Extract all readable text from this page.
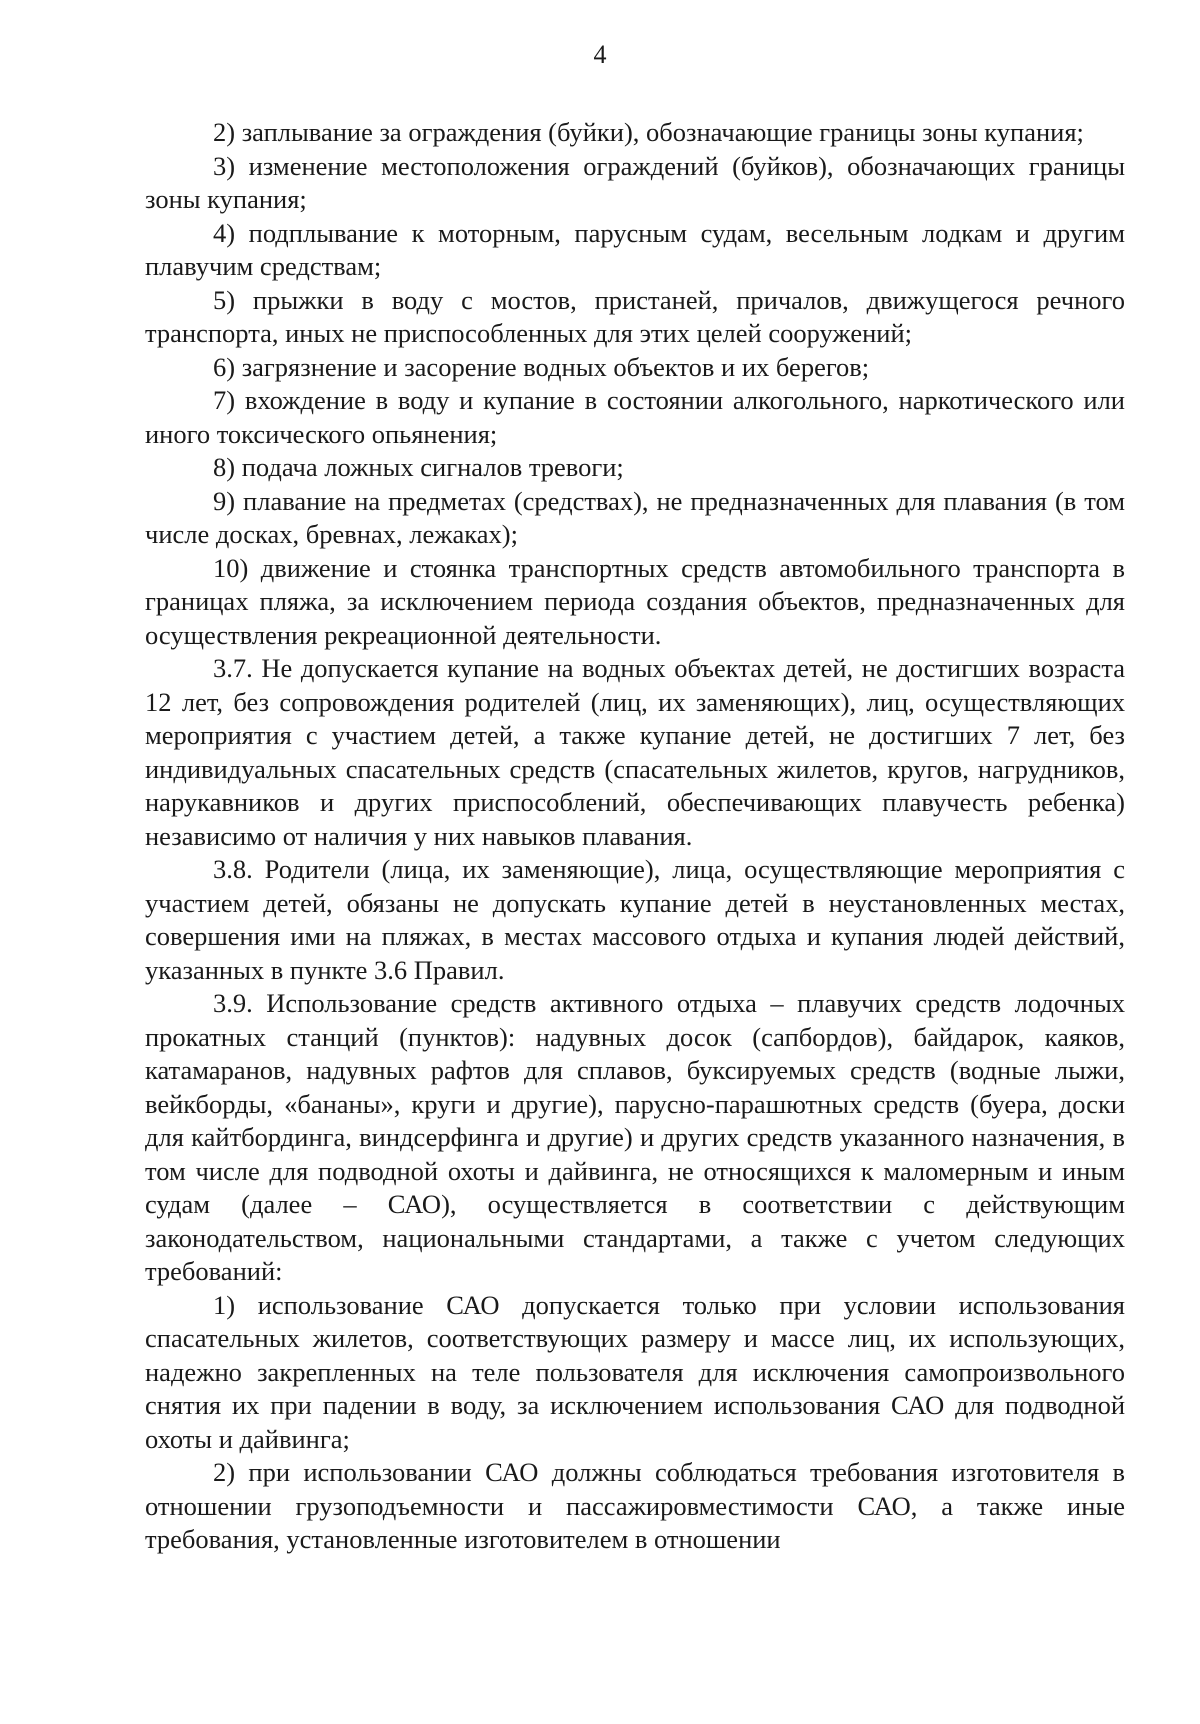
4

2) заплывание за ограждения (буйки), обозначающие границы зоны купания;

3) изменение местоположения ограждений (буйков), обозначающих границы зоны купания;

4) подплывание к моторным, парусным судам, весельным лодкам и другим плавучим средствам;

5) прыжки в воду с мостов, пристаней, причалов, движущегося речного транспорта, иных не приспособленных для этих целей сооружений;

6) загрязнение и засорение водных объектов и их берегов;

7) вхождение в воду и купание в состоянии алкогольного, наркотического или иного токсического опьянения;

8) подача ложных сигналов тревоги;

9) плавание на предметах (средствах), не предназначенных для плавания (в том числе досках, бревнах, лежаках);

10) движение и стоянка транспортных средств автомобильного транспорта в границах пляжа, за исключением периода создания объектов, предназначенных для осуществления рекреационной деятельности.

3.7. Не допускается купание на водных объектах детей, не достигших возраста 12 лет, без сопровождения родителей (лиц, их заменяющих), лиц, осуществляющих мероприятия с участием детей, а также купание детей, не достигших 7 лет, без индивидуальных спасательных средств (спасательных жилетов, кругов, нагрудников, нарукавников и других приспособлений, обеспечивающих плавучесть ребенка) независимо от наличия у них навыков плавания.

3.8. Родители (лица, их заменяющие), лица, осуществляющие мероприятия с участием детей, обязаны не допускать купание детей в неустановленных местах, совершения ими на пляжах, в местах массового отдыха и купания людей действий, указанных в пункте 3.6 Правил.

3.9. Использование средств активного отдыха – плавучих средств лодочных прокатных станций (пунктов): надувных досок (сапбордов), байдарок, каяков, катамаранов, надувных рафтов для сплавов, буксируемых средств (водные лыжи, вейкборды, «бананы», круги и другие), парусно-парашютных средств (буера, доски для кайтбординга, виндсерфинга и другие) и других средств указанного назначения, в том числе для подводной охоты и дайвинга, не относящихся к маломерным и иным судам (далее – САО), осуществляется в соответствии с действующим законодательством, национальными стандартами, а также с учетом следующих требований:

1) использование САО допускается только при условии использования спасательных жилетов, соответствующих размеру и массе лиц, их использующих, надежно закрепленных на теле пользователя для исключения самопроизвольного снятия их при падении в воду, за исключением использования САО для подводной охоты и дайвинга;

2) при использовании САО должны соблюдаться требования изготовителя в отношении грузоподъемности и пассажировместимости САО, а также иные требования, установленные изготовителем в отношении
